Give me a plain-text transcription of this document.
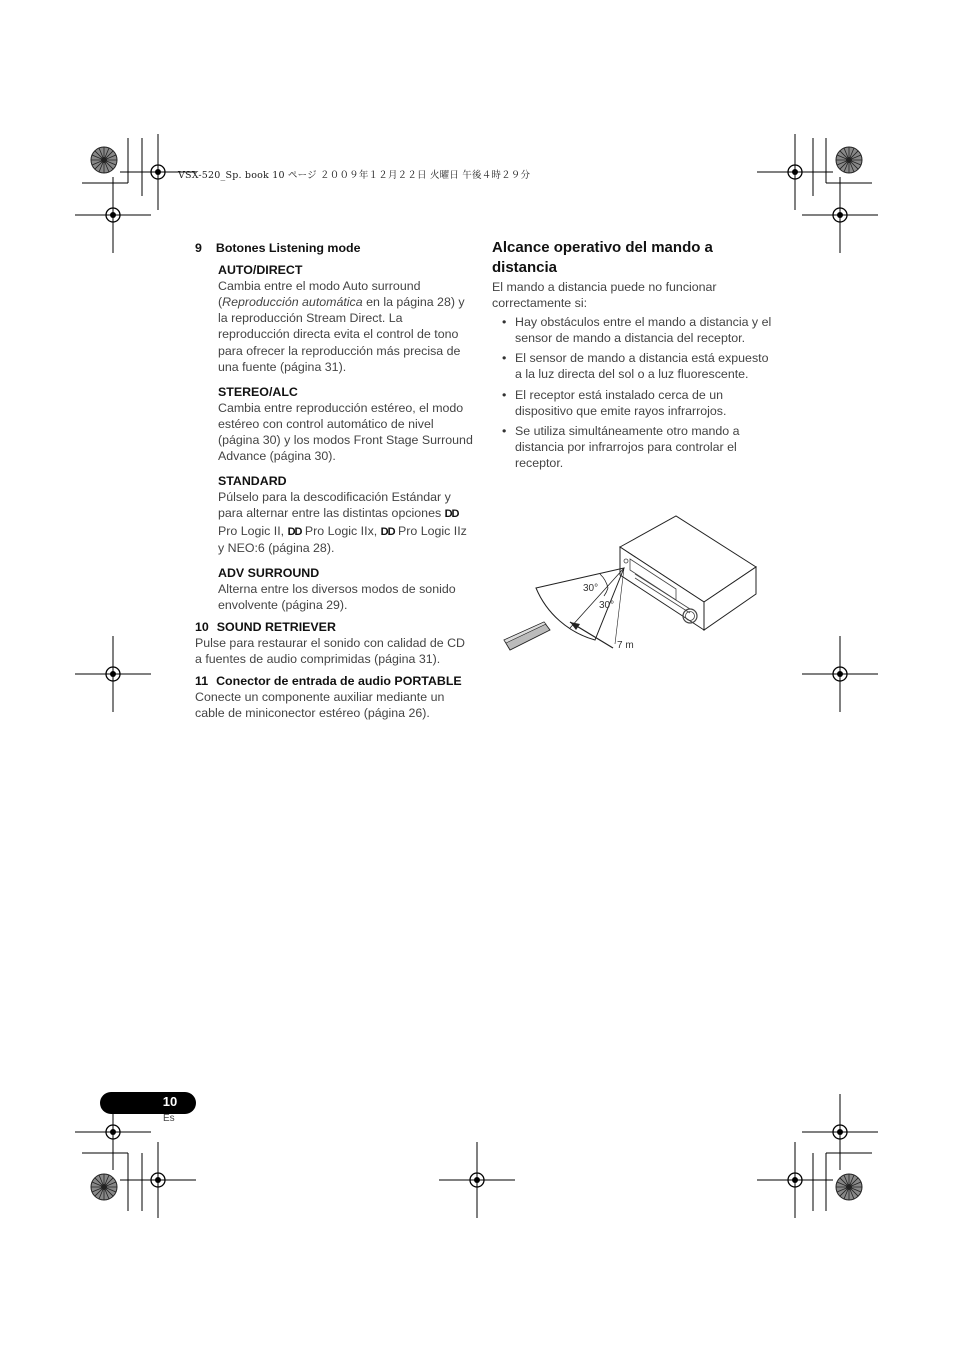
VSX-520_Sp. book 10 ページ ２００９年１２月２２日 火曜日 午後４時２９分
9 Botones Listening mode
AUTO/DIRECT

Cambia entre el modo Auto surround (Reproducción automática en la página 28) y la reproducción Stream Direct. La reproducción directa evita el control de tono para ofrecer la reproducción más precisa de una fuente (página 31).

STEREO/ALC

Cambia entre reproducción estéreo, el modo estéreo con control automático de nivel (página 30) y los modos Front Stage Surround Advance (página 30).

STANDARD

Púlselo para la descodificación Estándar y para alternar entre las distintas opciones DD Pro Logic II, DD Pro Logic IIx, DD Pro Logic IIz y NEO:6 (página 28).

ADV SURROUND

Alterna entre los diversos modos de sonido envolvente (página 29).

10 SOUND RETRIEVER

Pulse para restaurar el sonido con calidad de CD a fuentes de audio comprimidas (página 31).

11 Conector de entrada de audio PORTABLE

Conecte un componente auxiliar mediante un cable de miniconector estéreo (página 26).

Alcance operativo del mando a distancia

El mando a distancia puede no funcionar correctamente si:

• Hay obstáculos entre el mando a distancia y el sensor de mando a distancia del receptor.
• El sensor de mando a distancia está expuesto a la luz directa del sol o a luz fluorescente.
• El receptor está instalado cerca de un dispositivo que emite rayos infrarrojos.
• Se utiliza simultáneamente otro mando a distancia por infrarrojos para controlar el receptor.
30°
30°
7 m
10
Es
